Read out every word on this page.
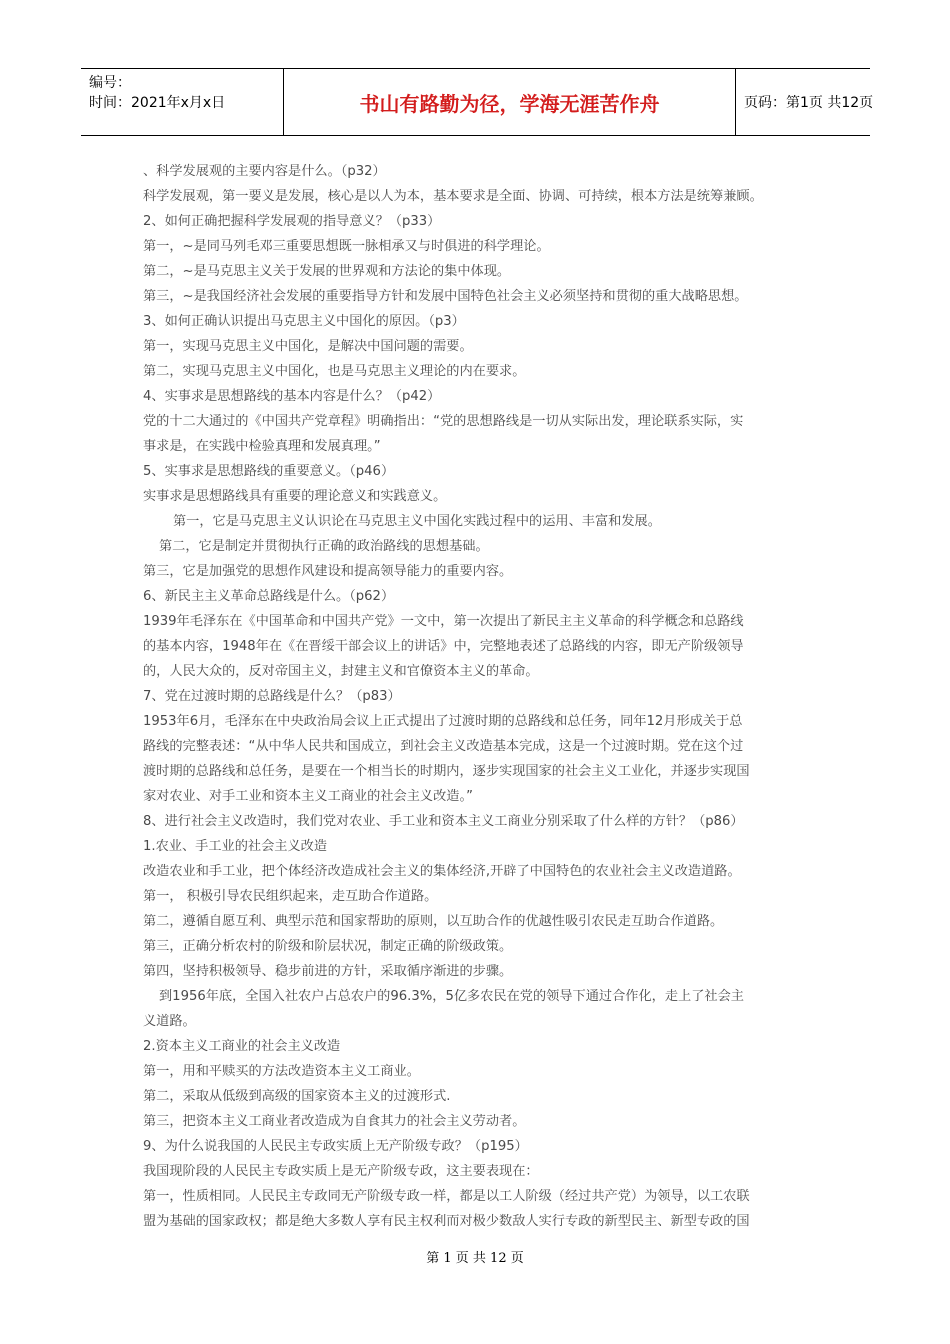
编号：
时间：2021年x月x日	书山有路勤为径，学海无涯苦作舟	页码：第1页 共12页
、科学发展观的主要内容是什么。（p32）
科学发展观，第一要义是发展，核心是以人为本，基本要求是全面、协调、可持续，根本方法是统筹兼顾。
2、如何正确把握科学发展观的指导意义？（p33）
第一，~是同马列毛邓三重要思想既一脉相承又与时俱进的科学理论。
第二，~是马克思主义关于发展的世界观和方法论的集中体现。
第三，~是我国经济社会发展的重要指导方针和发展中国特色社会主义必须坚持和贯彻的重大战略思想。
3、如何正确认识提出马克思主义中国化的原因。（p3）
第一，实现马克思主义中国化，是解决中国问题的需要。
第二，实现马克思主义中国化，也是马克思主义理论的内在要求。
4、实事求是思想路线的基本内容是什么？（p42）
党的十二大通过的《中国共产党章程》明确指出：“党的思想路线是一切从实际出发，理论联系实际，实
事求是，在实践中检验真理和发展真理。”
5、实事求是思想路线的重要意义。（p46）
实事求是思想路线具有重要的理论意义和实践意义。
第一，它是马克思主义认识论在马克思主义中国化实践过程中的运用、丰富和发展。
第二，它是制定并贯彻执行正确的政治路线的思想基础。
第三，它是加强党的思想作风建设和提高领导能力的重要内容。
6、新民主主义革命总路线是什么。（p62）
1939年毛泽东在《中国革命和中国共产党》一文中，第一次提出了新民主主义革命的科学概念和总路线
的基本内容，1948年在《在晋绥干部会议上的讲话》中，完整地表述了总路线的内容，即无产阶级领导
的，人民大众的，反对帝国主义，封建主义和官僚资本主义的革命。
7、党在过渡时期的总路线是什么？（p83）
1953年6月，毛泽东在中央政治局会议上正式提出了过渡时期的总路线和总任务，同年12月形成关于总
路线的完整表述：“从中华人民共和国成立，到社会主义改造基本完成，这是一个过渡时期。党在这个过
渡时期的总路线和总任务，是要在一个相当长的时期内，逐步实现国家的社会主义工业化，并逐步实现国
家对农业、对手工业和资本主义工商业的社会主义改造。”
8、进行社会主义改造时，我们党对农业、手工业和资本主义工商业分别采取了什么样的方针？（p86）
1.农业、手工业的社会主义改造
改造农业和手工业，把个体经济改造成社会主义的集体经济,开辟了中国特色的农业社会主义改造道路。
第一， 积极引导农民组织起来，走互助合作道路。
第二，遵循自愿互利、典型示范和国家帮助的原则，以互助合作的优越性吸引农民走互助合作道路。
第三，正确分析农村的阶级和阶层状况，制定正确的阶级政策。
第四，坚持积极领导、稳步前进的方针，采取循序渐进的步骤。
到1956年底，全国入社农户占总农户的96.3%，5亿多农民在党的领导下通过合作化，走上了社会主
义道路。
2.资本主义工商业的社会主义改造
第一，用和平赎买的方法改造资本主义工商业。
第二，采取从低级到高级的国家资本主义的过渡形式.
第三，把资本主义工商业者改造成为自食其力的社会主义劳动者。
9、为什么说我国的人民民主专政实质上无产阶级专政？（p195）
我国现阶段的人民民主专政实质上是无产阶级专政，这主要表现在：
第一，性质相同。人民民主专政同无产阶级专政一样，都是以工人阶级（经过共产党）为领导，以工农联
盟为基础的国家政权；都是绝大多数人享有民主权利而对极少数敌人实行专政的新型民主、新型专政的国
第 1 页 共 12 页
